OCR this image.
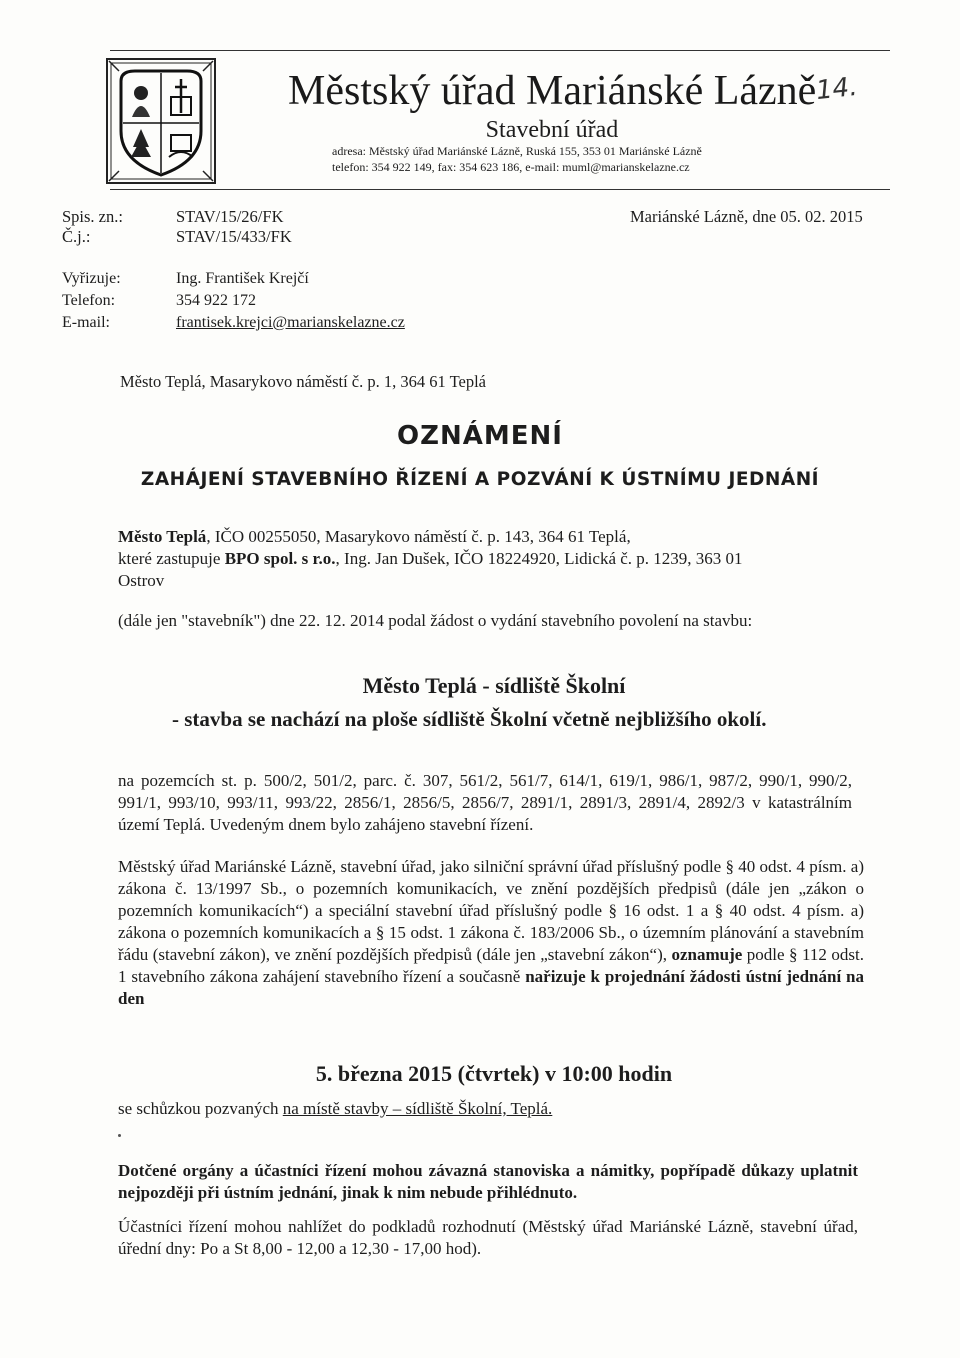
Městský úřad Mariánské Lázně
Stavební úřad
adresa: Městský úřad Mariánské Lázně, Ruská 155, 353 01 Mariánské Lázně
telefon: 354 922 149, fax: 354 623 186, e-mail: muml@marianskelazne.cz
14.
Spis. zn.:	STAV/15/26/FK
Č.j.:	STAV/15/433/FK
Mariánské Lázně, dne 05. 02. 2015
Vyřizuje:	Ing. František Krejčí
Telefon:	354 922 172
E-mail:	frantisek.krejci@marianskelazne.cz
Město Teplá, Masarykovo náměstí č. p. 1, 364 61 Teplá
OZNÁMENÍ
ZAHÁJENÍ STAVEBNÍHO ŘÍZENÍ A POZVÁNÍ K ÚSTNÍMU JEDNÁNÍ
Město Teplá, IČO 00255050, Masarykovo náměstí č. p. 143, 364 61 Teplá,
které zastupuje BPO spol. s r.o., Ing. Jan Dušek, IČO 18224920, Lidická č. p. 1239, 363 01
Ostrov
(dále jen "stavebník") dne 22. 12. 2014 podal žádost o vydání stavebního povolení na stavbu:
Město Teplá - sídliště Školní
- stavba se nachází na ploše sídliště Školní včetně nejbližšího okolí.
na pozemcích st. p. 500/2, 501/2, parc. č. 307, 561/2, 561/7, 614/1, 619/1, 986/1, 987/2, 990/1, 990/2, 991/1, 993/10, 993/11, 993/22, 2856/1, 2856/5, 2856/7, 2891/1, 2891/3, 2891/4, 2892/3 v katastrálním území Teplá. Uvedeným dnem bylo zahájeno stavební řízení.
Městský úřad Mariánské Lázně, stavební úřad, jako silniční správní úřad příslušný podle § 40 odst. 4 písm. a) zákona č. 13/1997 Sb., o pozemních komunikacích, ve znění pozdějších předpisů (dále jen „zákon o pozemních komunikacích“) a speciální stavební úřad příslušný podle § 16 odst. 1 a § 40 odst. 4 písm. a) zákona o pozemních komunikacích a § 15 odst. 1 zákona č. 183/2006 Sb., o územním plánování a stavebním řádu (stavební zákon), ve znění pozdějších předpisů (dále jen „stavební zákon“), oznamuje podle § 112 odst. 1 stavebního zákona zahájení stavebního řízení a současně nařizuje k projednání žádosti ústní jednání na den
5. března 2015 (čtvrtek) v 10:00 hodin
se schůzkou pozvaných na místě stavby – sídliště Školní, Teplá.
Dotčené orgány a účastníci řízení mohou závazná stanoviska a námitky, popřípadě důkazy uplatnit nejpozději při ústním jednání, jinak k nim nebude přihlédnuto.
Účastníci řízení mohou nahlížet do podkladů rozhodnutí (Městský úřad Mariánské Lázně, stavební úřad, úřední dny: Po a St 8,00 - 12,00 a 12,30 - 17,00 hod).
